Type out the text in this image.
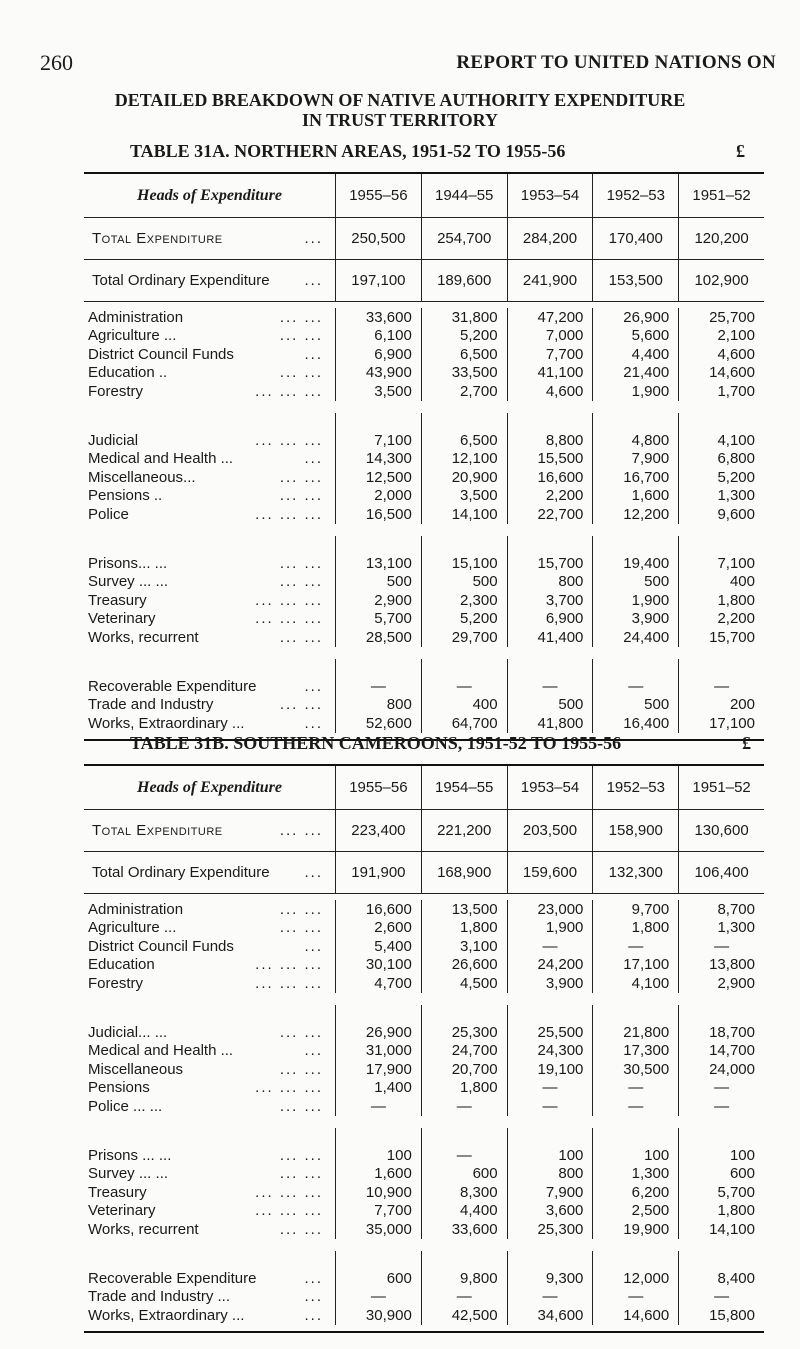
260	REPORT TO UNITED NATIONS ON
DETAILED BREAKDOWN OF NATIVE AUTHORITY EXPENDITURE
IN TRUST TERRITORY
TABLE 31A. NORTHERN AREAS, 1951-52 TO 1955-56	£
Heads of Expenditure	1955–56	1944–55	1953–54	1952–53	1951–52
Total Expenditure	...	250,500	254,700	284,200	170,400	120,200
Total Ordinary Expenditure ...	197,100	189,600	241,900	153,500	102,900
Administration	... ...	33,600	31,800	47,200	26,900	25,700
Agriculture ...	... ...	6,100	5,200	7,000	5,600	2,100
District Council Funds	...	6,900	6,500	7,700	4,400	4,600
Education ..	... ...	43,900	33,500	41,100	21,400	14,600
Forestry	... ... ...	3,500	2,700	4,600	1,900	1,700
Judicial	... ... ...	7,100	6,500	8,800	4,800	4,100
Medical and Health ...	...	14,300	12,100	15,500	7,900	6,800
Miscellaneous...	... ...	12,500	20,900	16,600	16,700	5,200
Pensions ..	... ...	2,000	3,500	2,200	1,600	1,300
Police	... ... ...	16,500	14,100	22,700	12,200	9,600
Prisons... ...	... ...	13,100	15,100	15,700	19,400	7,100
Survey ... ...	... ...	500	500	800	500	400
Treasury	... ... ...	2,900	2,300	3,700	1,900	1,800
Veterinary	... ... ...	5,700	5,200	6,900	3,900	2,200
Works, recurrent	... ...	28,500	29,700	41,400	24,400	15,700
Recoverable Expenditure	...	—	—	—	—	—
Trade and Industry	... ...	800	400	500	500	200
Works, Extraordinary ...	...	52,600	64,700	41,800	16,400	17,100
TABLE 31B. SOUTHERN CAMEROONS, 1951-52 TO 1955-56	£
Heads of Expenditure	1955–56	1954–55	1953–54	1952–53	1951–52
Total Expenditure	... ...	223,400	221,200	203,500	158,900	130,600
Total Ordinary Expenditure ...	191,900	168,900	159,600	132,300	106,400
Administration	... ...	16,600	13,500	23,000	9,700	8,700
Agriculture ...	... ...	2,600	1,800	1,900	1,800	1,300
District Council Funds	...	5,400	3,100	—	—	—
Education	... ... ...	30,100	26,600	24,200	17,100	13,800
Forestry	... ... ...	4,700	4,500	3,900	4,100	2,900
Judicial... ...	... ...	26,900	25,300	25,500	21,800	18,700
Medical and Health ...	...	31,000	24,700	24,300	17,300	14,700
Miscellaneous	... ...	17,900	20,700	19,100	30,500	24,000
Pensions	... ... ...	1,400	1,800	—	—	—
Police ... ...	... ...	—	—	—	—	—
Prisons ... ...	... ...	100	—	100	100	100
Survey ... ...	... ...	1,600	600	800	1,300	600
Treasury	... ... ...	10,900	8,300	7,900	6,200	5,700
Veterinary	... ... ...	7,700	4,400	3,600	2,500	1,800
Works, recurrent	... ...	35,000	33,600	25,300	19,900	14,100
Recoverable Expenditure	...	600	9,800	9,300	12,000	8,400
Trade and Industry ...	...	—	—	—	—	—
Works, Extraordinary ...	...	30,900	42,500	34,600	14,600	15,800
